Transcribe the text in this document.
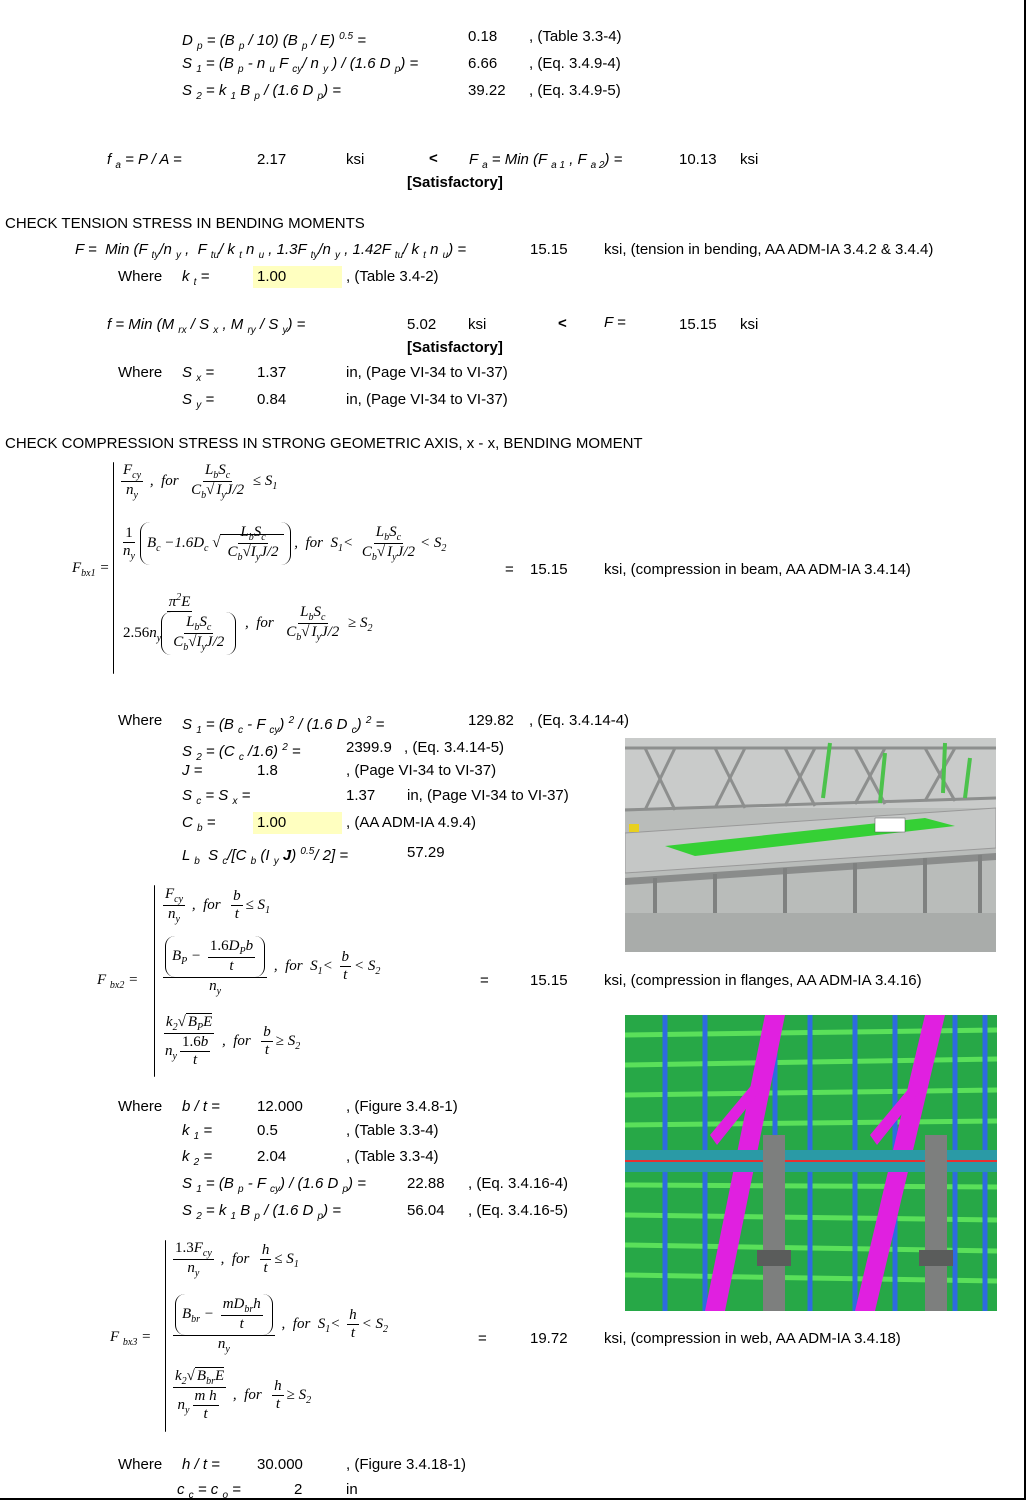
D $_p$ = (B $_p$ / 10) (B $_p$ / E) $^{0.5}$ =	0.18 , (Table 3.3-4)
S $_1$ = (B $_p$ - n $_u$ F $_{cy}$/ n $_y$ ) / (1.6 D $_p$) =	6.66 , (Eq. 3.4.9-4)
S $_2$ = k $_1$ B $_p$ / (1.6 D $_p$) =	39.22 , (Eq. 3.4.9-5)
f $_a$ = P / A =	2.17	ksi	< F $_a$ = Min (F $_{a 1}$ , F $_{a 2}$) =	10.13 ksi
[Satisfactory]
CHECK TENSION STRESS IN BENDING MOMENTS
F =  Min (F $_{ty}$/n $_y$ ,  F $_{tu}$/ k $_t$ n $_u$ , 1.3F $_{ty}$/n $_y$ , 1.42F $_{tu}$/ k $_t$ n $_u$) =	15.15 ksi, (tension in bending, AA ADM-IA 3.4.2 & 3.4.4)
Where k $_t$ =	1.00	, (Table 3.4-2)
f = Min (M $_{rx}$ / S $_x$ , M $_{ry}$ / S $_y$) =	5.02 ksi	< F =	15.15 ksi
[Satisfactory]
Where S $_x$ =	1.37	in, (Page VI-34 to VI-37)
S $_y$ =	0.84	in, (Page VI-34 to VI-37)
CHECK COMPRESSION STRESS IN STRONG GEOMETRIC AXIS, x - x, BENDING MOMENT
$F_{bx1}$ =
$\frac{F_{cy}}{n_y}$ ,  for $\frac{L_bS_c}{C_b√ I_yJ/2} \le S_1$
$\frac{1}{n_y} B_c -1.6D_c$ √ $\frac{L_bS_c}{C_b√I_yJ/2}$ ,  for  $S_1< \frac{L_bS_c}{C_b√ I_yJ/2} < S_2$
$\frac{\pi^2E}{2.56n_y \frac{L_bS_c}{C_b√I_yJ/2}}$ ,  for $\frac{L_bS_c}{C_b√ I_yJ/2} \ge S_2$
= 15.15 ksi, (compression in beam, AA ADM-IA 3.4.14)
Where S $_1$ = (B $_c$ - F $_{cy}$) $^2$ / (1.6 D $_c$) $^2$ =	129.82 , (Eq. 3.4.14-4)
S $_2$ = (C $_c$ /1.6) $^2$ =	2399.9 , (Eq. 3.4.14-5)
J =	1.8	, (Page VI-34 to VI-37)
S $_c$ = S $_x$ =	1.37 in, (Page VI-34 to VI-37)
C $_b$ =	1.00	, (AA ADM-IA 4.9.4)
L $_b$  S $_c$/[C $_b$ (I $_y$ J) $^{0.5}$/ 2] =	57.29
F $_{bx2}$ =
$\frac{F_{cy}}{n_y}$ ,  for $\frac{b}{t} \le S_1$
$\frac{B_P - \frac{1.6D_Pb}{t}}{n_y}$ ,  for  $S_1< \frac{b}{t} < S_2$
$\frac{k_2√ B_PE}{n_y \frac{1.6b}{t}}$ ,  for $\frac{b}{t} \ge S_2$
=	15.15 ksi, (compression in flanges, AA ADM-IA 3.4.16)
Where b / t = 12.000	, (Figure 3.4.8-1)
k $_1$ =	0.5	, (Table 3.3-4)
k $_2$ =	2.04	, (Table 3.3-4)
S $_1$ = (B $_p$ - F $_{cy}$) / (1.6 D $_p$) =	22.88 , (Eq. 3.4.16-4)
S $_2$ = k $_1$ B $_p$ / (1.6 D $_p$) =	56.04 , (Eq. 3.4.16-5)
F $_{bx3}$ =
$\frac{1.3F_{cy}}{n_y}$ ,  for $\frac{h}{t} \le S_1$
$\frac{B_{br} - \frac{mD_{br}h}{t}}{n_y}$ ,  for  $S_1< \frac{h}{t} < S_2$
$\frac{k_2√ B_{br}E}{n_y \frac{\text{m h}}{t}}$ ,  for $\frac{h}{t} \ge S_2$
=	19.72 ksi, (compression in web, AA ADM-IA 3.4.18)
Where h / t = 30.000	, (Figure 3.4.18-1)
c $_c$ = c $_o$ =	2	in
